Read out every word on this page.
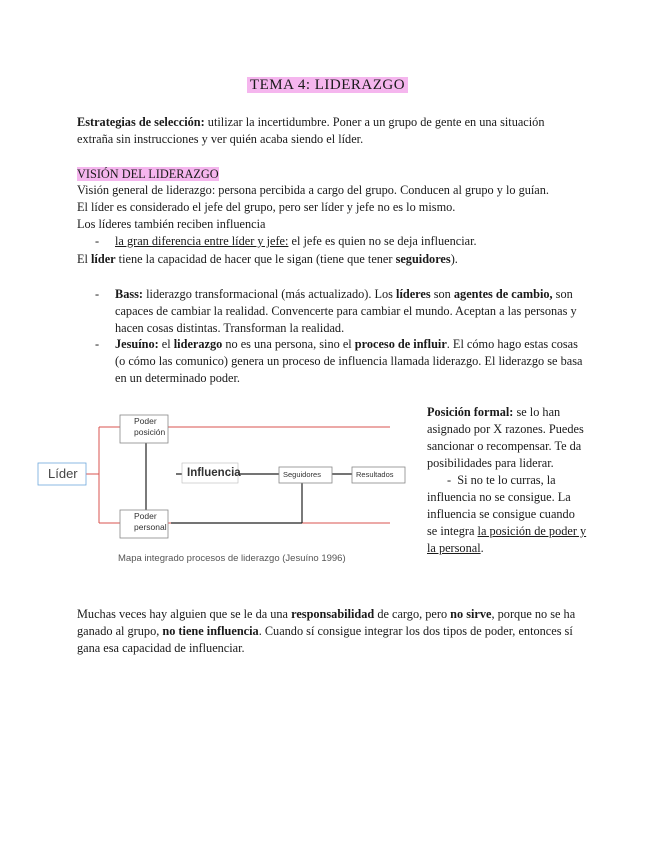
TEMA 4: LIDERAZGO

Estrategias de selección: utilizar la incertidumbre. Poner a un grupo de gente en una situación extraña sin instrucciones y ver quién acaba siendo el líder.

VISIÓN DEL LIDERAZGO

Visión general de liderazgo: persona percibida a cargo del grupo. Conducen al grupo y lo guían.

El líder es considerado el jefe del grupo, pero ser líder y jefe no es lo mismo.

Los líderes también reciben influencia

- la gran diferencia entre líder y jefe: el jefe es quien no se deja influenciar.

El líder tiene la capacidad de hacer que le sigan (tiene que tener seguidores).

- Bass: liderazgo transformacional (más actualizado). Los líderes son agentes de cambio, son capaces de cambiar la realidad. Convencerte para cambiar el mundo. Aceptan a las personas y hacen cosas distintas. Transforman la realidad.
- Jesuíno: el liderazgo no es una persona, sino el proceso de influir. El cómo hago estas cosas (o cómo las comunico) genera un proceso de influencia llamada liderazgo. El liderazgo se basa en un determinado poder.
Poder
posición
Poder
personal
Seguidores	Resultados
Líder	Influencia
Mapa integrado procesos de liderazgo (Jesuíno 1996)
Posición formal: se lo han asignado por X razones. Puedes sancionar o recompensar. Te da posibilidades para liderar.
- Si no te lo curras, la influencia no se consigue. La influencia se consigue cuando se integra la posición de poder y la personal.

Muchas veces hay alguien que se le da una responsabilidad de cargo, pero no sirve, porque no se ha ganado al grupo, no tiene influencia. Cuando sí consigue integrar los dos tipos de poder, entonces sí gana esa capacidad de influenciar.
